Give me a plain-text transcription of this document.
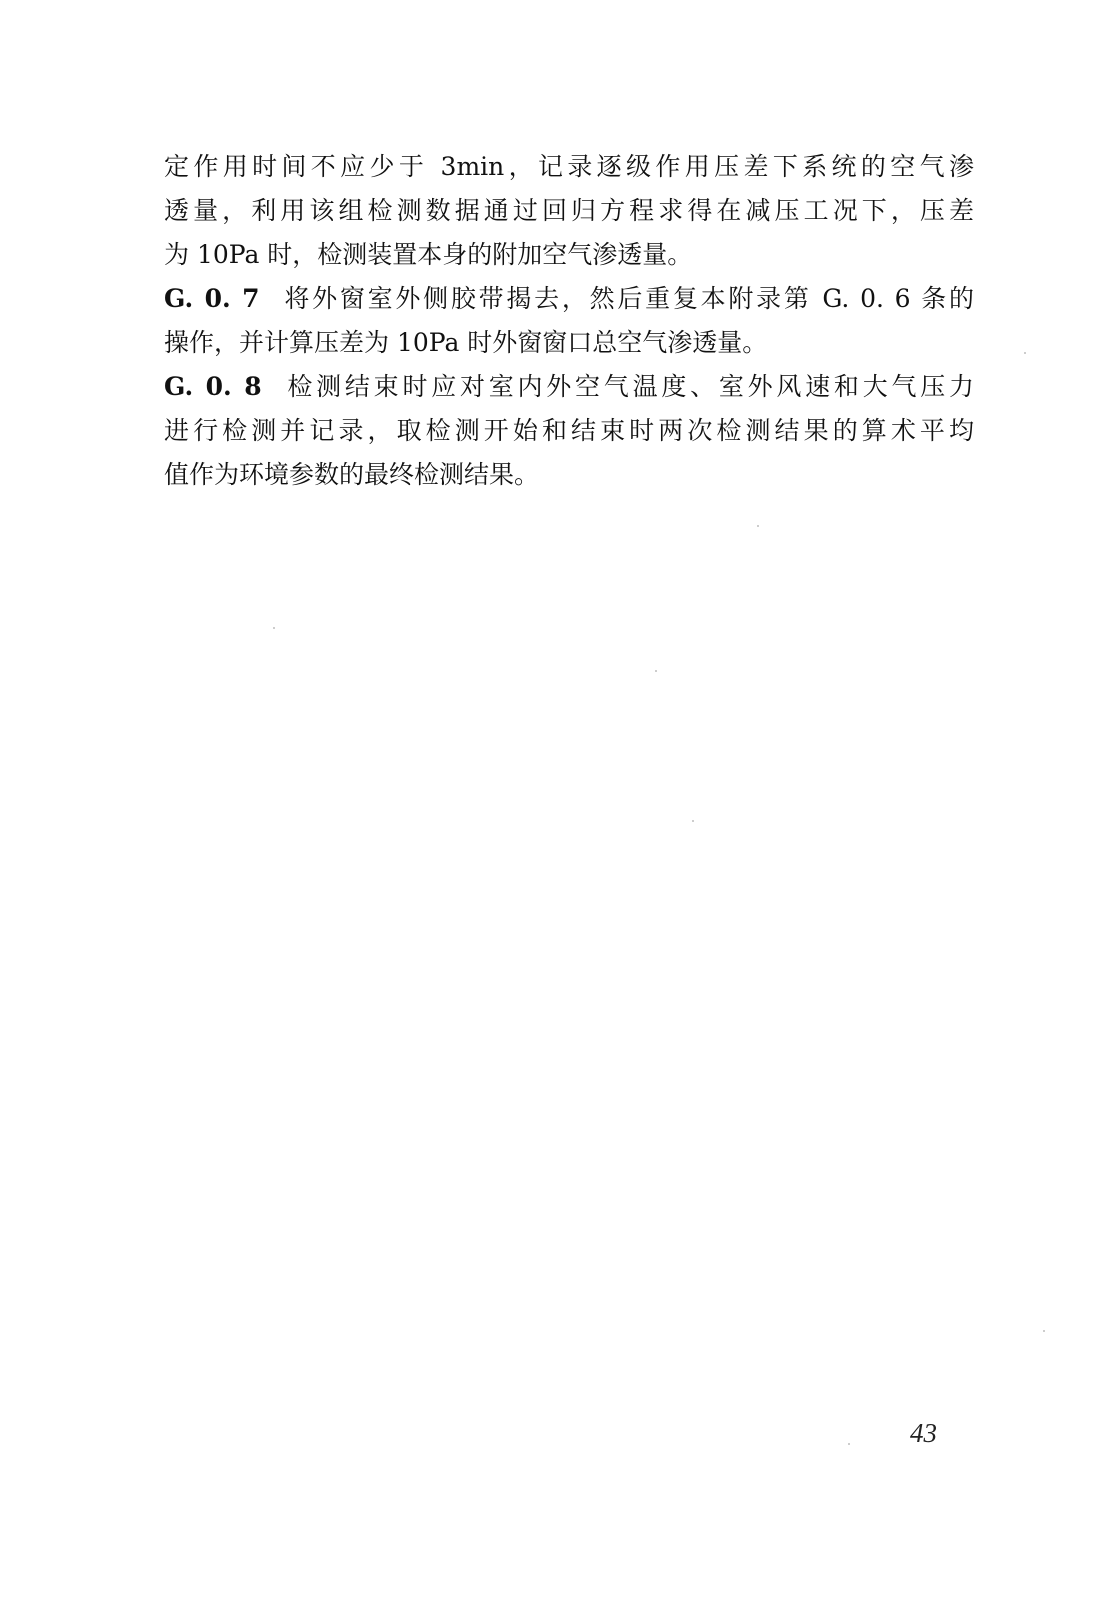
定作用时间不应少于 3min，记录逐级作用压差下系统的空气渗
透量，利用该组检测数据通过回归方程求得在减压工况下，压差
为 10Pa 时，检测装置本身的附加空气渗透量。
G. 0. 7 将外窗室外侧胶带揭去，然后重复本附录第 G. 0. 6 条的
操作，并计算压差为 10Pa 时外窗窗口总空气渗透量。
G. 0. 8 检测结束时应对室内外空气温度、室外风速和大气压力
进行检测并记录，取检测开始和结束时两次检测结果的算术平均
值作为环境参数的最终检测结果。
43
